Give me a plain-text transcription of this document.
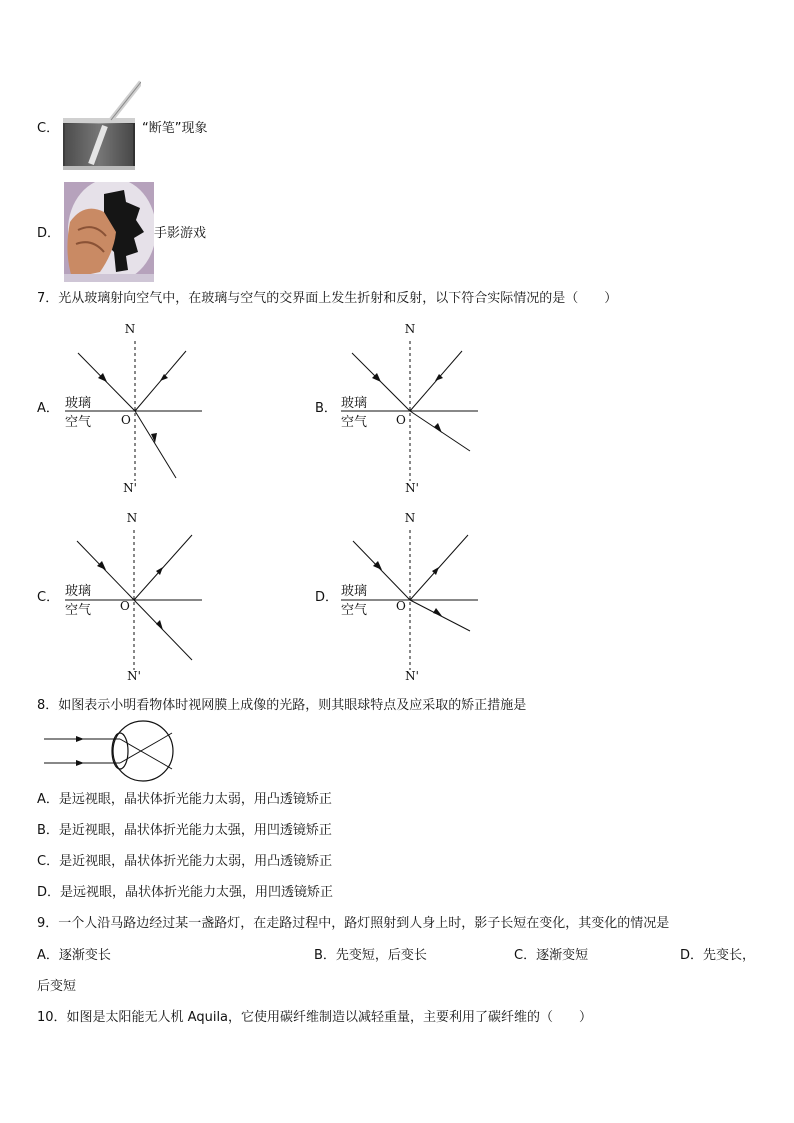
C．	“断笔”现象
D．	手影游戏
7．光从玻璃射向空气中，在玻璃与空气的交界面上发生折射和反射，以下符合实际情况的是（　　）
A．
N
N'
玻璃
空气 O
B．
N
N'
玻璃
空气 O
C．
N
N'
玻璃
空气 O
D．
N
N'
玻璃
空气 O
8．如图表示小明看物体时视网膜上成像的光路，则其眼球特点及应采取的矫正措施是
A．是远视眼，晶状体折光能力太弱，用凸透镜矫正
B．是近视眼，晶状体折光能力太强，用凹透镜矫正
C．是近视眼，晶状体折光能力太弱，用凸透镜矫正
D．是远视眼，晶状体折光能力太强，用凹透镜矫正
9．一个人沿马路边经过某一盏路灯，在走路过程中，路灯照射到人身上时，影子长短在变化，其变化的情况是
A．逐渐变长	B．先变短，后变长	C．逐渐变短	D．先变长，
后变短
10．如图是太阳能无人机 Aquila，它使用碳纤维制造以减轻重量，主要利用了碳纤维的（　　）
